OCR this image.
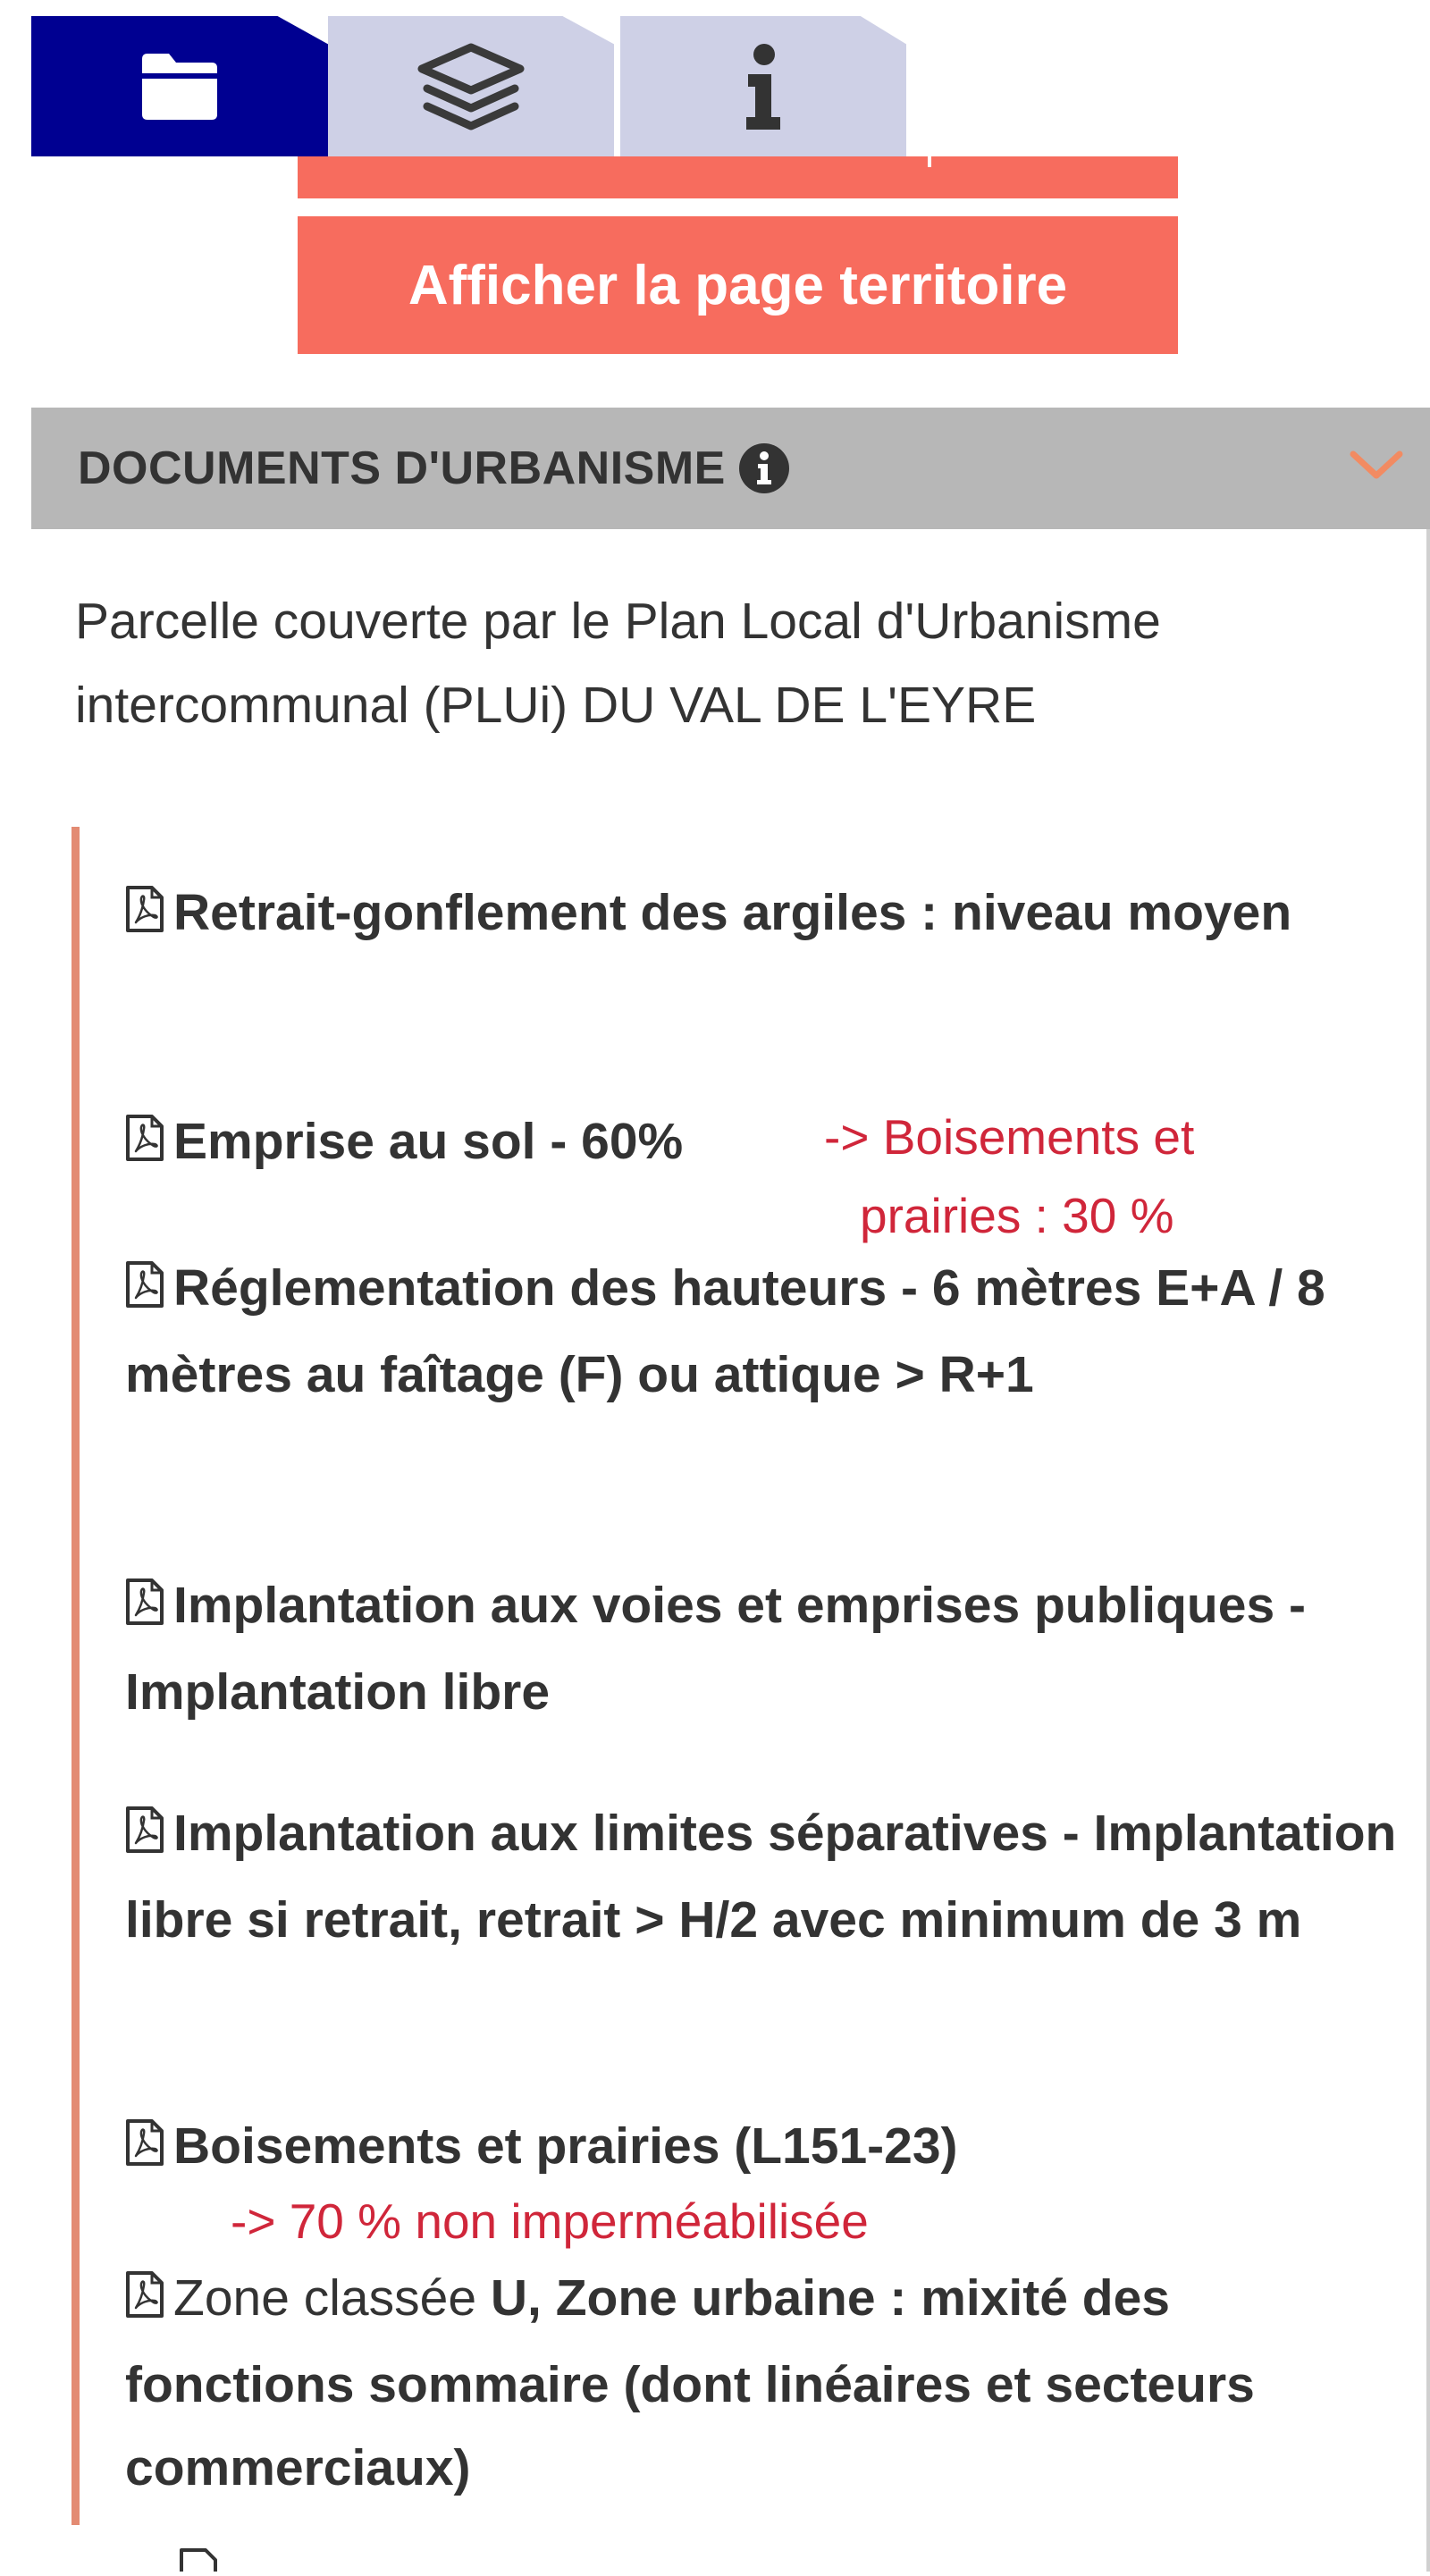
Afficher la page territoire
DOCUMENTS D'URBANISME
Parcelle couverte par le Plan Local d'Urbanisme intercommunal (PLUi) DU VAL DE L'EYRE
Retrait-gonflement des argiles : niveau moyen
Emprise au sol - 60%	-> Boisements et
prairies : 30 %
Réglementation des hauteurs - 6 mètres E+A / 8 mètres au faîtage (F) ou attique > R+1
Implantation aux voies et emprises publiques - Implantation libre
Implantation aux limites séparatives - Implantation libre si retrait, retrait > H/2 avec minimum de 3 m
Boisements et prairies (L151-23)
-> 70 % non imperméabilisée
Zone classée U, Zone urbaine : mixité des fonctions sommaire (dont linéaires et secteurs commerciaux)
